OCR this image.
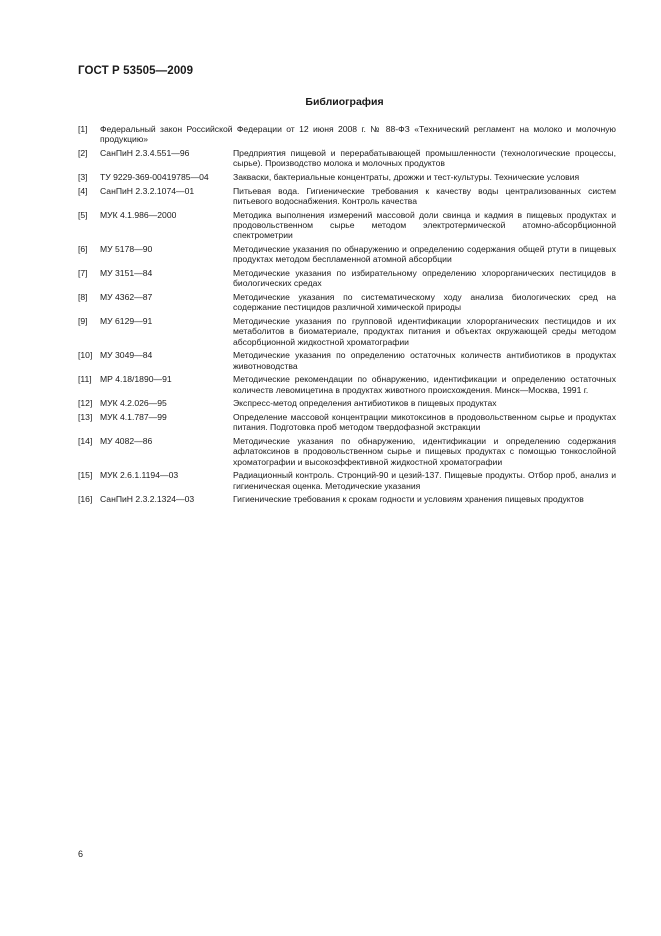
ГОСТ Р 53505—2009
Библиография
[1]	Федеральный закон Российской Федерации от 12 июня 2008 г. № 88-ФЗ «Технический регламент на молоко и молочную продукцию»
[2]	СанПиН 2.3.4.551—96	Предприятия пищевой и перерабатывающей промышленности (технологические процессы, сырье). Производство молока и молочных продуктов
[3]	ТУ 9229-369-00419785—04	Закваски, бактериальные концентраты, дрожжи и тест-культуры. Технические условия
[4]	СанПиН 2.3.2.1074—01	Питьевая вода. Гигиенические требования к качеству воды централизованных систем питьевого водоснабжения. Контроль качества
[5]	МУК 4.1.986—2000	Методика выполнения измерений массовой доли свинца и кадмия в пищевых продуктах и продовольственном сырье методом электротермической атомно-абсорбционной спектрометрии
[6]	МУ 5178—90	Методические указания по обнаружению и определению содержания общей ртути в пищевых продуктах методом беспламенной атомной абсорбции
[7]	МУ 3151—84	Методические указания по избирательному определению хлорорганических пестицидов в биологических средах
[8]	МУ 4362—87	Методические указания по систематическому ходу анализа биологических сред на содержание пестицидов различной химической природы
[9]	МУ 6129—91	Методические указания по групповой идентификации хлорорганических пестицидов и их метаболитов в биоматериале, продуктах питания и объектах окружающей среды методом абсорбционной жидкостной хроматографии
[10] МУ 3049—84	Методические указания по определению остаточных количеств антибиотиков в продуктах животноводства
[11] МР 4.18/1890—91	Методические рекомендации по обнаружению, идентификации и определению остаточных количеств левомицетина в продуктах животного происхождения. Минск—Москва, 1991 г.
[12] МУК 4.2.026—95	Экспресс-метод определения антибиотиков в пищевых продуктах
[13] МУК 4.1.787—99	Определение массовой концентрации микотоксинов в продовольственном сырье и продуктах питания. Подготовка проб методом твердофазной экстракции
[14] МУ 4082—86	Методические указания по обнаружению, идентификации и определению содержания афлатоксинов в продовольственном сырье и пищевых продуктах с помощью тонкослойной хроматографии и высокоэффективной жидкостной хроматографии
[15] МУК 2.6.1.1194—03	Радиационный контроль. Стронций-90 и цезий-137. Пищевые продукты. Отбор проб, анализ и гигиеническая оценка. Методические указания
[16] СанПиН 2.3.2.1324—03	Гигиенические требования к срокам годности и условиям хранения пищевых продуктов
6
